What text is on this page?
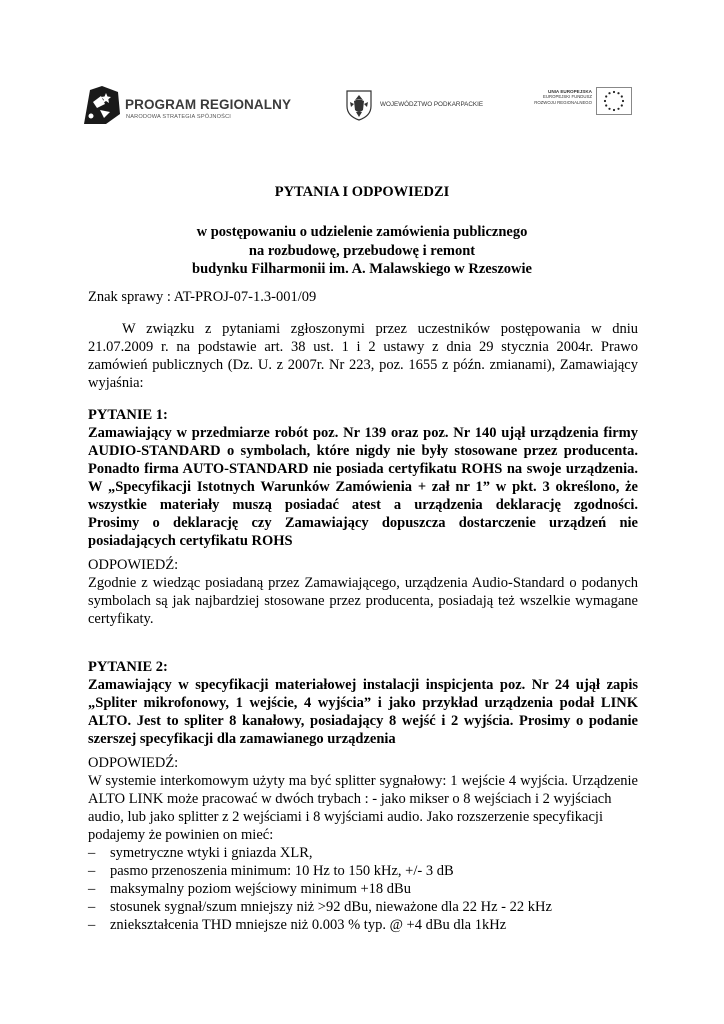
PROGRAM REGIONALNY
NARODOWA STRATEGIA SPÓJNOŚCI
WOJEWÓDZTWO PODKARPACKIE
UNIA EUROPEJSKA
EUROPEJSKI FUNDUSZ
ROZWOJU REGIONALNEGO
PYTANIA I ODPOWIEDZI
w postępowaniu o udzielenie zamówienia publicznego
na rozbudowę, przebudowę i remont
budynku Filharmonii im. A. Malawskiego w Rzeszowie
Znak sprawy : AT-PROJ-07-1.3-001/09
W związku z pytaniami zgłoszonymi przez uczestników postępowania w dniu
21.07.2009 r. na podstawie art. 38 ust. 1 i 2 ustawy z dnia 29 stycznia 2004r. Prawo
zamówień publicznych (Dz. U. z 2007r. Nr 223, poz. 1655 z późn. zmianami), Zamawiający
wyjaśnia:
PYTANIE 1:
Zamawiający w przedmiarze robót poz. Nr 139 oraz poz. Nr 140 ujął urządzenia firmy
AUDIO-STANDARD o symbolach, które nigdy nie były stosowane przez producenta.
Ponadto firma AUTO-STANDARD nie posiada certyfikatu ROHS na swoje urządzenia.
W „Specyfikacji Istotnych Warunków Zamówienia + zał nr 1” w pkt. 3 określono, że
wszystkie materiały muszą posiadać atest a urządzenia deklarację zgodności.
Prosimy o deklarację czy Zamawiający dopuszcza dostarczenie urządzeń nie
posiadających certyfikatu ROHS
ODPOWIEDŹ:
Zgodnie z wiedząc posiadaną przez Zamawiającego, urządzenia Audio-Standard o podanych
symbolach są jak najbardziej stosowane przez producenta, posiadają też wszelkie wymagane
certyfikaty.
PYTANIE 2:
Zamawiający w specyfikacji materiałowej instalacji inspicjenta poz. Nr 24 ujął zapis
„Spliter mikrofonowy, 1 wejście, 4 wyjścia” i jako przykład urządzenia podał LINK
ALTO. Jest to spliter 8 kanałowy, posiadający 8 wejść i 2 wyjścia. Prosimy o podanie
szerszej specyfikacji dla zamawianego urządzenia
ODPOWIEDŹ:
W systemie interkomowym użyty ma być splitter sygnałowy: 1 wejście 4 wyjścia. Urządzenie
ALTO LINK może pracować w dwóch trybach : - jako mikser o 8 wejściach i 2 wyjściach
audio, lub jako splitter z 2 wejściami i 8 wyjściami audio. Jako rozszerzenie specyfikacji
podajemy że powinien on mieć:
– symetryczne wtyki i gniazda XLR,
– pasmo przenoszenia minimum: 10 Hz to 150 kHz, +/- 3 dB
– maksymalny poziom wejściowy minimum +18 dBu
– stosunek sygnał/szum mniejszy niż >92 dBu, nieważone dla 22 Hz - 22 kHz
– zniekształcenia THD mniejsze niż 0.003 % typ. @ +4 dBu dla 1kHz
